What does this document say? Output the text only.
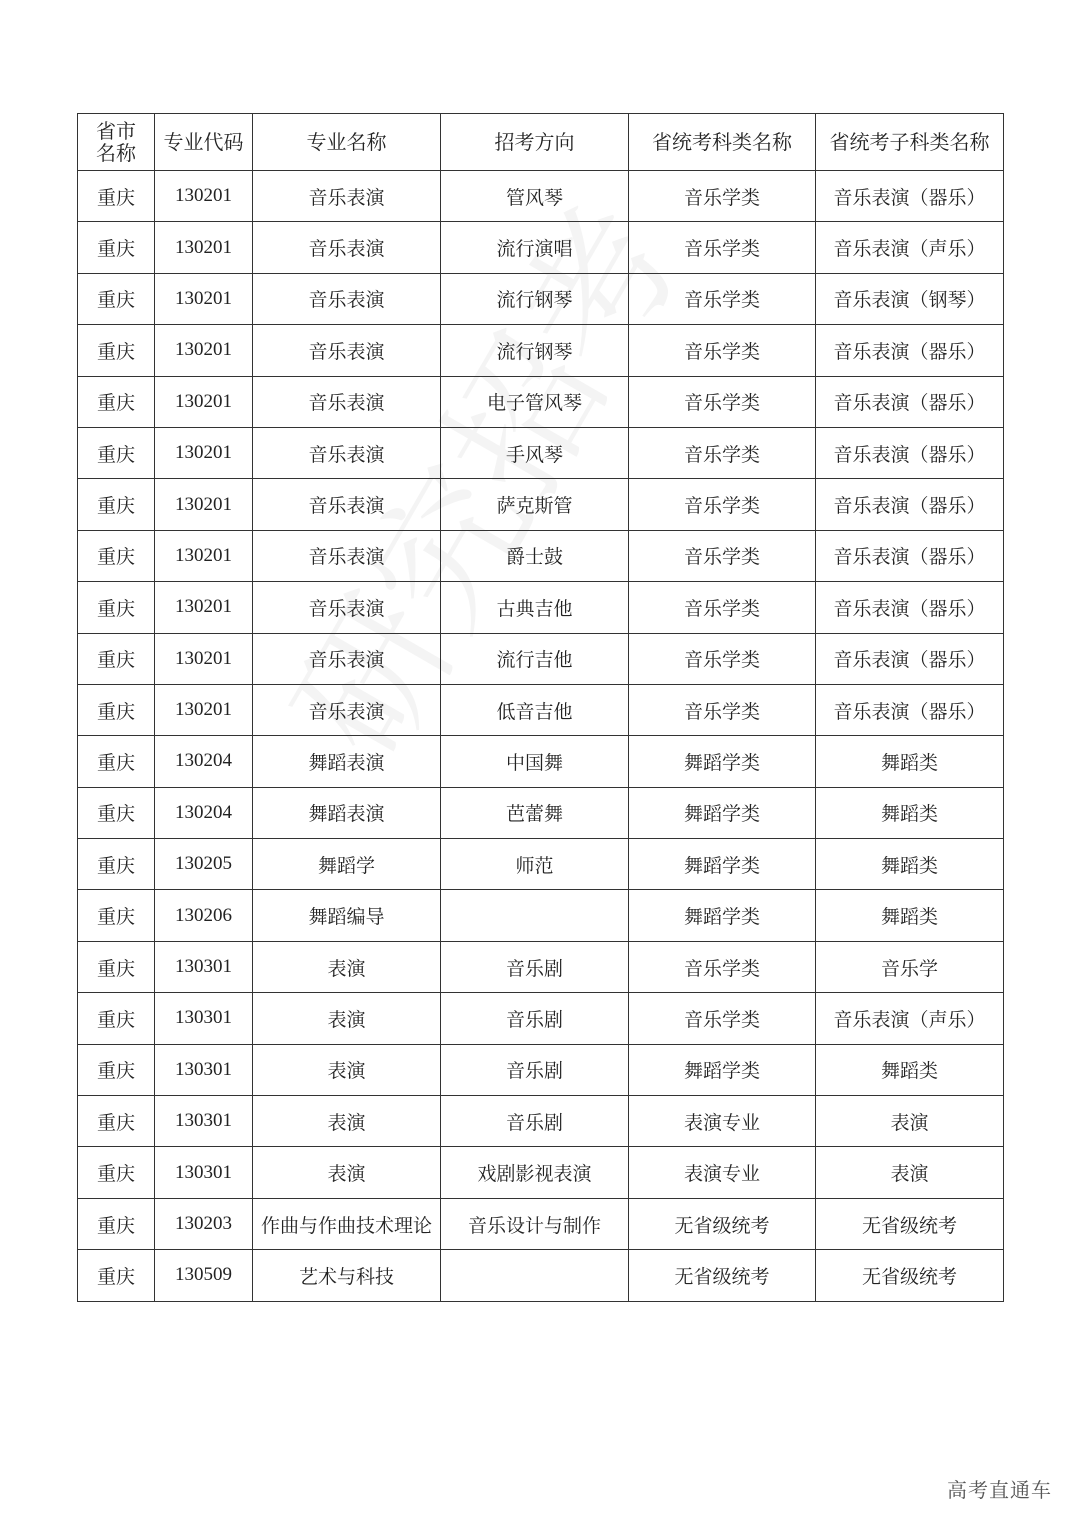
省市名称	专业代码	专业名称	招考方向	省统考科类名称	省统考子科类名称
重庆	130201	音乐表演	管风琴	音乐学类	音乐表演（器乐）
重庆	130201	音乐表演	流行演唱	音乐学类	音乐表演（声乐）
重庆	130201	音乐表演	流行钢琴	音乐学类	音乐表演（钢琴）
重庆	130201	音乐表演	流行钢琴	音乐学类	音乐表演（器乐）
重庆	130201	音乐表演	电子管风琴	音乐学类	音乐表演（器乐）
重庆	130201	音乐表演	手风琴	音乐学类	音乐表演（器乐）
重庆	130201	音乐表演	萨克斯管	音乐学类	音乐表演（器乐）
重庆	130201	音乐表演	爵士鼓	音乐学类	音乐表演（器乐）
重庆	130201	音乐表演	古典吉他	音乐学类	音乐表演（器乐）
重庆	130201	音乐表演	流行吉他	音乐学类	音乐表演（器乐）
重庆	130201	音乐表演	低音吉他	音乐学类	音乐表演（器乐）
重庆	130204	舞蹈表演	中国舞	舞蹈学类	舞蹈类
重庆	130204	舞蹈表演	芭蕾舞	舞蹈学类	舞蹈类
重庆	130205	舞蹈学	师范	舞蹈学类	舞蹈类
重庆	130206	舞蹈编导		舞蹈学类	舞蹈类
重庆	130301	表演	音乐剧	音乐学类	音乐学
重庆	130301	表演	音乐剧	音乐学类	音乐表演（声乐）
重庆	130301	表演	音乐剧	舞蹈学类	舞蹈类
重庆	130301	表演	音乐剧	表演专业	表演
重庆	130301	表演	戏剧影视表演	表演专业	表演
重庆	130203	作曲与作曲技术理论	音乐设计与制作	无省级统考	无省级统考
重庆	130509	艺术与科技		无省级统考	无省级统考
高考直通车
